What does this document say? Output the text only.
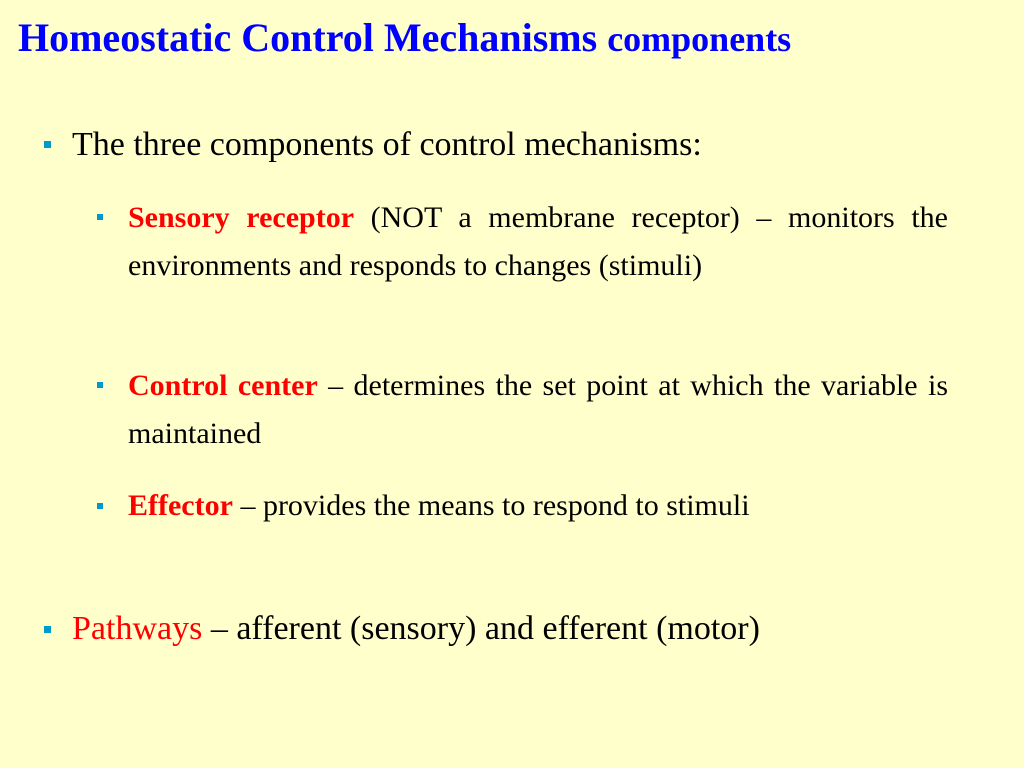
Homeostatic Control Mechanisms components
The three components of control mechanisms:
Sensory receptor (NOT a membrane receptor) – monitors the environments and responds to changes (stimuli)
Control center – determines the set point at which the variable is maintained
Effector – provides the means to respond to stimuli
Pathways – afferent (sensory) and efferent (motor)
